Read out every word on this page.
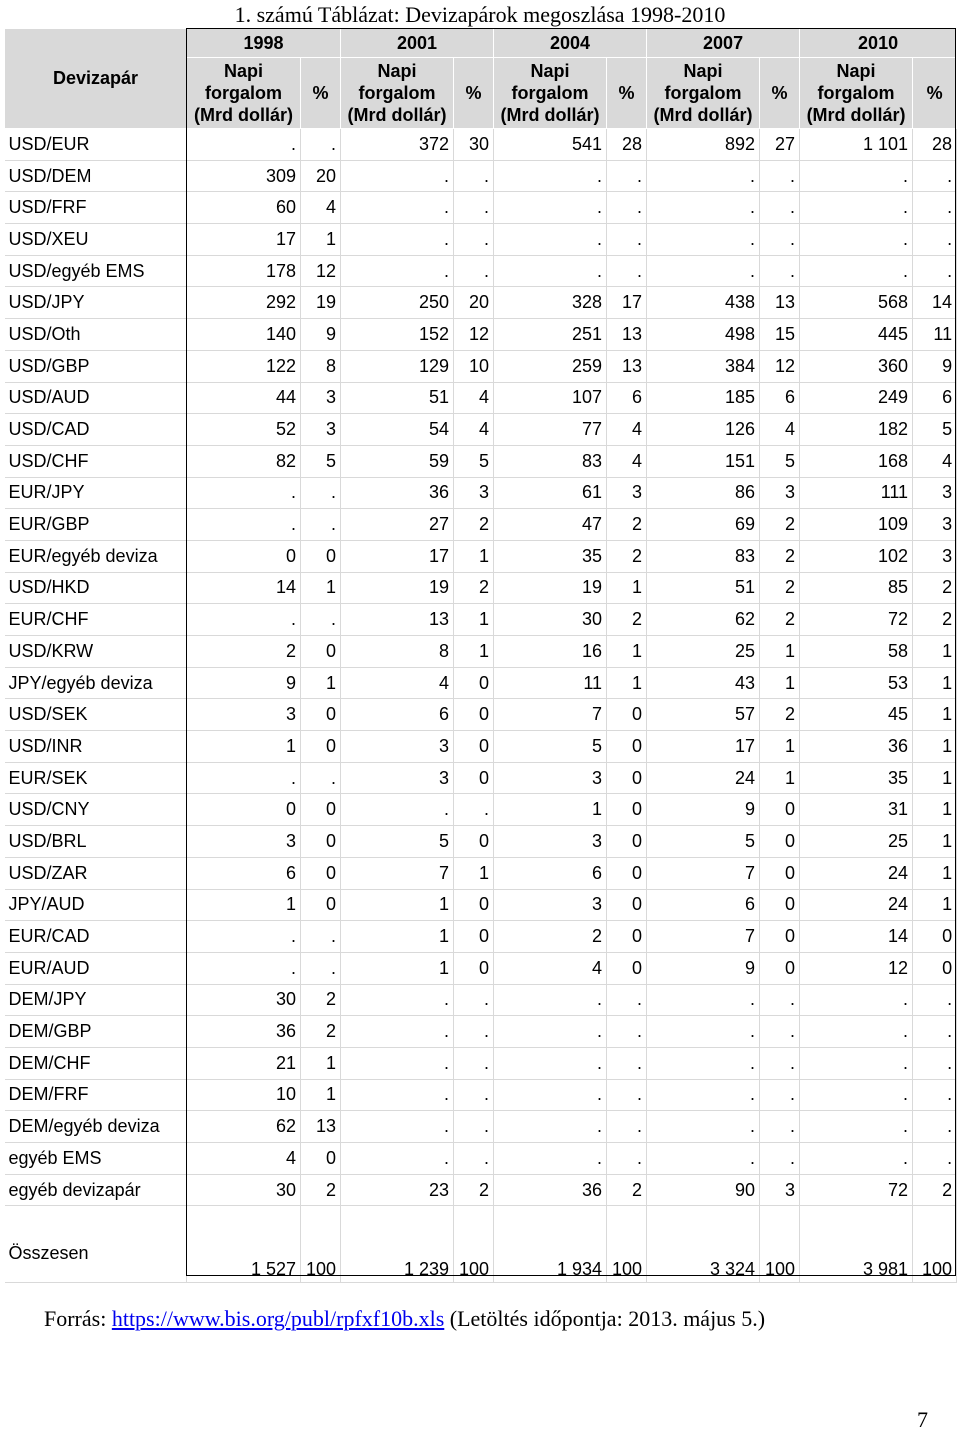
1. számú Táblázat: Devizapárok megoszlása 1998-2010
Devizapár	1998		2001		2004		2007		2010	
	Napi forgalom (Mrd dollár)	%	Napi forgalom (Mrd dollár)	%	Napi forgalom (Mrd dollár)	%	Napi forgalom (Mrd dollár)	%	Napi forgalom (Mrd dollár)	%
USD/EUR	.	.	372	30	541	28	892	27	1 101	28
USD/DEM	309	20	.	.	.	.	.	.	.	.
USD/FRF	60	4	.	.	.	.	.	.	.	.
USD/XEU	17	1	.	.	.	.	.	.	.	.
USD/egyéb EMS	178	12	.	.	.	.	.	.	.	.
USD/JPY	292	19	250	20	328	17	438	13	568	14
USD/Oth	140	9	152	12	251	13	498	15	445	11
USD/GBP	122	8	129	10	259	13	384	12	360	9
USD/AUD	44	3	51	4	107	6	185	6	249	6
USD/CAD	52	3	54	4	77	4	126	4	182	5
USD/CHF	82	5	59	5	83	4	151	5	168	4
EUR/JPY	.	.	36	3	61	3	86	3	111	3
EUR/GBP	.	.	27	2	47	2	69	2	109	3
EUR/egyéb deviza	0	0	17	1	35	2	83	2	102	3
USD/HKD	14	1	19	2	19	1	51	2	85	2
EUR/CHF	.	.	13	1	30	2	62	2	72	2
USD/KRW	2	0	8	1	16	1	25	1	58	1
JPY/egyéb deviza	9	1	4	0	11	1	43	1	53	1
USD/SEK	3	0	6	0	7	0	57	2	45	1
USD/INR	1	0	3	0	5	0	17	1	36	1
EUR/SEK	.	.	3	0	3	0	24	1	35	1
USD/CNY	0	0	.	.	1	0	9	0	31	1
USD/BRL	3	0	5	0	3	0	5	0	25	1
USD/ZAR	6	0	7	1	6	0	7	0	24	1
JPY/AUD	1	0	1	0	3	0	6	0	24	1
EUR/CAD	.	.	1	0	2	0	7	0	14	0
EUR/AUD	.	.	1	0	4	0	9	0	12	0
DEM/JPY	30	2	.	.	.	.	.	.	.	.
DEM/GBP	36	2	.	.	.	.	.	.	.	.
DEM/CHF	21	1	.	.	.	.	.	.	.	.
DEM/FRF	10	1	.	.	.	.	.	.	.	.
DEM/egyéb deviza	62	13	.	.	.	.	.	.	.	.
egyéb EMS	4	0	.	.	.	.	.	.	.	.
egyéb devizapár	30	2	23	2	36	2	90	3	72	2
Összesen	1 527	100	1 239	100	1 934	100	3 324	100	3 981	100
Forrás: https://www.bis.org/publ/rpfxf10b.xls (Letöltés időpontja: 2013. május 5.)
7
